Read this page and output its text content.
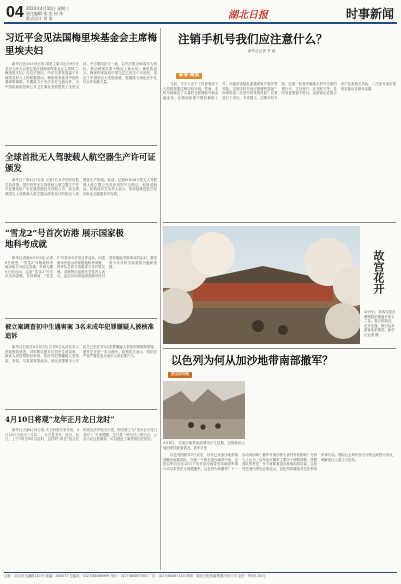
04 2024年4月10日 星期三
责任编辑 张 龙 何 伟
版式设计 刘 涛	湖北日报	时事新闻
习近平会见法国梅里埃基金会主席梅里埃夫妇

新华社北京4月9日电 国家主席习近平9日在北京人民大会堂会见法国梅里埃基金会主席阿兰·梅里埃夫妇。习近平指出，中法关系发展离不开两国友好人士的积极推动。梅里埃家族同中国有着深厚渊源，长期致力于中法友好交流合作，为中国疾病防控和公共卫生事业发展提供了宝贵支持。中方愿同法方一道，以中法建交60周年为契机，推动两国关系不断迈上新台阶。梅里埃表示，梅里埃家族同中国交往已有半个多世纪，见证了中国的巨大发展成就，愿继续为深化法中友好合作贡献力量。

全球首批无人驾驶载人航空器生产许可证颁发

新华社广州4月7日电 记者7日从中国民用航空局获悉，国内首张无人驾驶载人航空器生产许可证颁发给广东亿航智能技术有限公司，标志着我国无人驾驶载人航空器从研发设计阶段迈入规模化生产阶段。此前，亿航EH216-S型无人驾驶载人航空器已先后获得型号合格证、标准适航证。民航局有关负责人表示，将持续推进低空经济新业态健康有序发展。

“雪龙2”号首次访港 展示国家极地科考成就

新华社香港4月9日电 记者9日获悉，“雪龙2”号极地科考破冰船当天抵达香港，开始为期5天的访问，这是“雪龙2”号首次访问香港。访问期间，“雪龙2”号将举办开放日等活动，向香港市民展示国家极地科考成就，科考队员将与香港青少年开展交流。香港特区政府有关负责人表示，此次访问将加深香港市民对国家极地考察事业的认识，激发青少年对科学探索的兴趣和热情。

被立案调查初中生遇害案 3名未成年犯罪嫌疑人被核准追诉

新华社石家庄4月9日电 记者9日从河北省人民检察院获悉，对邯郸市肥乡区初中生被害案，最高人民检察院经审查，依法对犯罪嫌疑人张某某、李某、马某某核准追诉。河北省邯郸市公安机关已依法对3名犯罪嫌疑人采取刑事强制措施，案件正在进一步办理中。检察机关表示，将依法严惩严重危害未成年人的犯罪行为。

4月10日将观“龙年正月龙日龙时”

新华社天津4月9日电 天文科普专家介绍，4月10日为农历三月初二，当天是龙年、辰月、辰日，上午7时至9时为辰时，这样的“四龙”组合在传统历法中较为少见，网友称之为“龙年正月龙日龙时”。专家提醒，这只是一种历法上的巧合，公众不必过度解读，可以借此了解传统历法知识。

注销手机号我们应注意什么？
新华社记者 李 斌
新春·聚焦

当前，不少人出于工作需要或个人原因需要注销手机号码。然而，手机号码绑定了大量的互联网账号和金融业务，注销前如果不做好解绑工作，可能带来隐私泄露和财产损失等风险。注销手机号前应做哪些准备？如何防范二次放号带来的风险？记者进行了采访。专家提示，注销手机号前，应逐一检查并解绑手机号关联的银行卡、支付账户、社交账号等，及时变更预留手机号。运营商也应提示用户注意相关风险，二次放号前应按规定留出足够冷冻期。

故宫花开

4月9日，游客在故宫博物院拍摄盛开的玉兰花。春日的故宫，花开正盛，吸引众多游客前来观赏。新华社记者 摄

以色列为何从加沙地带南部撤军？
热点问答

4月8日，在加沙地带南部城市汗尤尼斯，巴勒斯坦人返回家园查看情况。新华社发

以色列国防军7日宣布，以军已从加沙地带南部撤出地面部队，仅留一个旅在加沙地带中部。这是以军自去年10月下旬对加沙地带发动地面军事行动以来首次大规模撤军。以色列为何撤军？下一步动向如何？撤军对加沙停火谈判有何影响？分析人士认为，以军此次撤军主要出于调整部署、休整部队等考虑，并不意味着加沙战事即将结束。以色列总理内塔尼亚胡表示，以色列将继续对拉法采取军事行动。国际社会呼吁各方尽快达成停火协议，缓解加沙人道主义危机。

社址：武汉市东湖路181号 邮编：430077 总编室：(027)88566999 发行：(027)88567555 广告：(027)88567333 印刷：湖北日报传媒集团印务公司 定价：每份1.50元
